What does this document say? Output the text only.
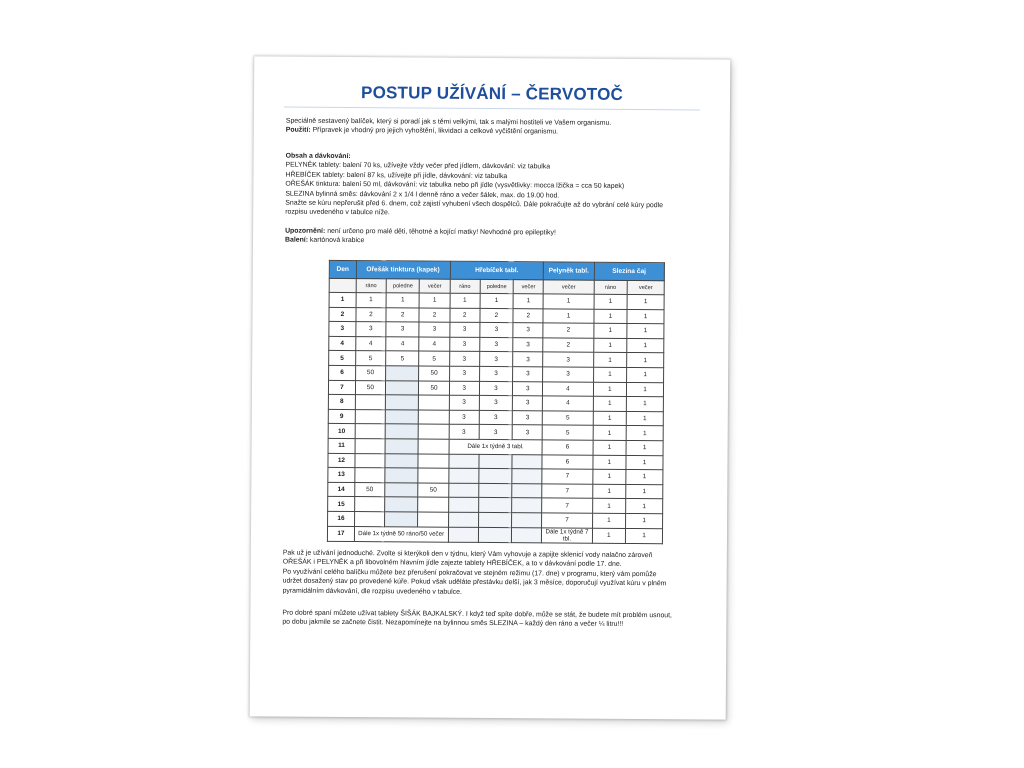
POSTUP UŽÍVÁNÍ – ČERVOTOČ

Speciálně sestavený balíček, který si poradí jak s těmi velkými, tak s malými hostiteli ve Vašem organismu.

Použití: Přípravek je vhodný pro jejich vyhoštění, likvidaci a celkové vyčištění organismu.

Obsah a dávkování:

PELYNĚK tablety: balení 70 ks, užívejte vždy večer před jídlem, dávkování: viz tabulka

HŘEBÍČEK tablety: balení 87 ks, užívejte při jídle, dávkování: viz tabulka

OŘEŠÁK tinktura: balení 50 ml, dávkování: viz tabulka nebo při jídle (vysvětlivky: mocca lžička = cca 50 kapek)

SLEZINA bylinná směs: dávkování 2 x 1/4 l denně ráno a večer šálek, max. do 19.00 hod.

Snažte se kúru nepřerušit před 6. dnem, což zajistí vyhubení všech dospělců. Dále pokračujte až do vybrání celé kúry podle

rozpisu uvedeného v tabulce níže.

Upozornění: není určeno pro malé děti, těhotné a kojící matky! Nevhodné pro epileptiky!

Balení: kartónová krabice

Den	Ořešák tinktura (kapek)			Hřebíček tabl.			Pelyněk tabl.	Slezina čaj	
	ráno	poledne	večer	ráno	poledne	večer	večer	ráno	večer
1	1	1	1	1	1	1	1	1	1
2	2	2	2	2	2	2	1	1	1
3	3	3	3	3	3	3	2	1	1
4	4	4	4	3	3	3	2	1	1
5	5	5	5	3	3	3	3	1	1
6	50		50	3	3	3	3	1	1
7	50		50	3	3	3	4	1	1
8				3	3	3	4	1	1
9				3	3	3	5	1	1
10				3	3	3	5	1	1
11				Dále 1x týdně 3 tabl.			6	1	1
12							6	1	1
13							7	1	1
14	50		50				7	1	1
15							7	1	1
16							7	1	1
17	Dále 1x týdně 50 ráno/50 večer						Dále 1x týdně 7 tbl.	1	1

Pak už je užívání jednoduché. Zvolte si kterýkoli den v týdnu, který Vám vyhovuje a zapijte sklenicí vody nalačno zároveň

OŘEŠÁK i PELYNĚK a při libovolném hlavním jídle zajezte tablety HŘEBÍČEK, a to v dávkování podle 17. dne.

Po využívání celého balíčku můžete bez přerušení pokračovat ve stejném režimu (17. dne) v programu, který vám pomůže

udržet dosažený stav po provedené kúře. Pokud však uděláte přestávku delší, jak 3 měsíce, doporučují využívat kúru v plném

pyramidálním dávkování, dle rozpisu uvedeného v tabulce.

Pro dobré spaní můžete užívat tablety ŠIŠÁK BAJKALSKÝ. I když teď spíte dobře, může se stát, že budete mít problém usnout,

po dobu jakmile se začnete čistit. Nezapomínejte na bylinnou směs SLEZINA – každý den ráno a večer ¼ litru!!!
